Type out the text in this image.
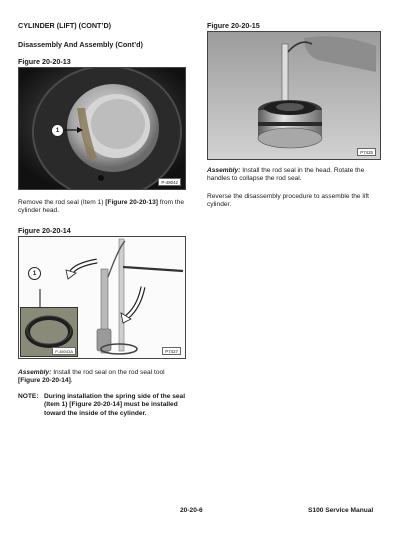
CYLINDER (LIFT) (CONT’D)
Disassembly And Assembly (Cont’d)
Figure 20-20-13
1
P-48042
Remove the rod seal (Item 1) [Figure 20-20-13] from the cylinder head.
Figure 20-20-14
1
P-48043A	P7427
Assembly: Install the rod seal on the rod seal tool [Figure 20-20-14].
NOTE: During installation the spring side of the seal
(Item 1) [Figure 20-20-14] must be installed
toward the inside of the cylinder.
Figure 20-20-15
P7425
Assembly: Install the rod seal in the head. Rotate the handles to collapse the rod seal.
Reverse the disassembly procedure to assemble the lift cylinder.
20-20-6	S100 Service Manual
